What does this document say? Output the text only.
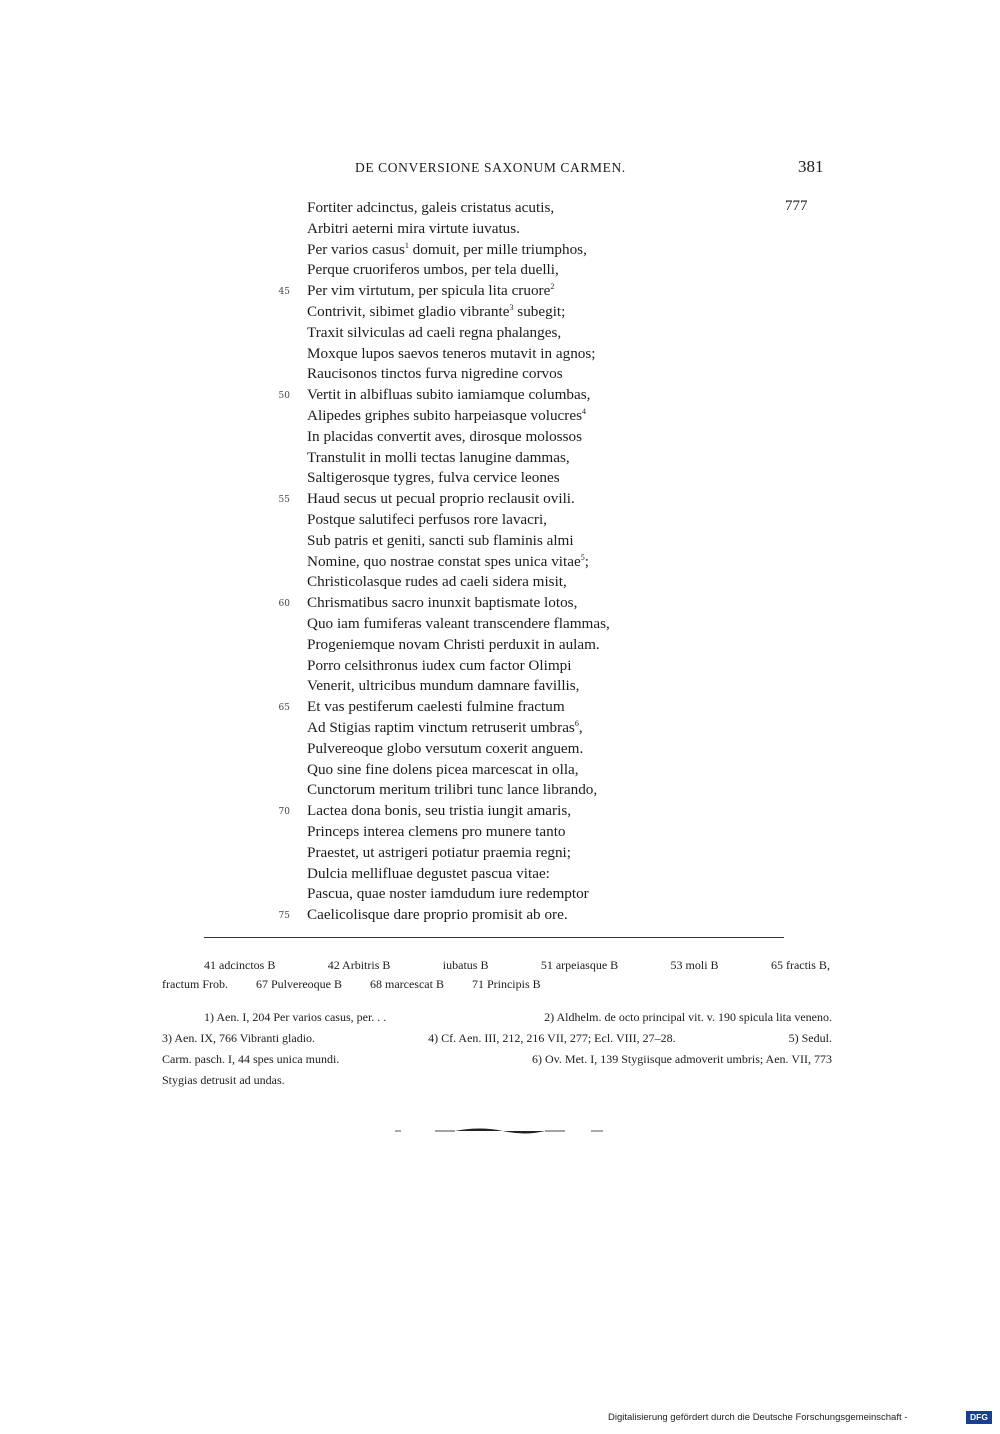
DE CONVERSIONE SAXONUM CARMEN.	381
777
Fortiter adcinctus, galeis cristatus acutis,
Arbitri aeterni mira virtute iuvatus.
Per varios casus$^1$ domuit, per mille triumphos,
Perque cruoriferos umbos, per tela duelli,
45 Per vim virtutum, per spicula lita cruore$^2$
Contrivit, sibimet gladio vibrante$^3$ subegit;
Traxit silviculas ad caeli regna phalanges,
Moxque lupos saevos teneros mutavit in agnos;
Raucisonos tinctos furva nigredine corvos
50 Vertit in albifluas subito iamiamque columbas,
Alipedes griphes subito harpeiasque volucres$^4$
In placidas convertit aves, dirosque molossos
Transtulit in molli tectas lanugine dammas,
Saltigerosque tygres, fulva cervice leones
55 Haud secus ut pecual proprio reclausit ovili.
Postque salutifeci perfusos rore lavacri,
Sub patris et geniti, sancti sub flaminis almi
Nomine, quo nostrae constat spes unica vitae$^5$;
Christicolasque rudes ad caeli sidera misit,
60 Chrismatibus sacro inunxit baptismate lotos,
Quo iam fumiferas valeant transcendere flammas,
Progeniemque novam Christi perduxit in aulam.
Porro celsithronus iudex cum factor Olimpi
Venerit, ultricibus mundum damnare favillis,
65 Et vas pestiferum caelesti fulmine fractum
Ad Stigias raptim vinctum retruserit umbras$^6$,
Pulvereoque globo versutum coxerit anguem.
Quo sine fine dolens picea marcescat in olla,
Cunctorum meritum trilibri tunc lance librando,
70 Lactea dona bonis, seu tristia iungit amaris,
Princeps interea clemens pro munere tanto
Praestet, ut astrigeri potiatur praemia regni;
Dulcia mellifluae degustet pascua vitae:
Pascua, quae noster iamdudum iure redemptor
75 Caelicolisque dare proprio promisit ab ore.
41 adcinctos B	42 Arbitris B	iubatus B	51 arpeiasque B	53 moli B	65 fractis B,
fractum Frob. 67 Pulvereoque B 68 marcescat B 71 Principis B
1) Aen. I, 204 Per varios casus, per. . .	2) Aldhelm. de octo principal vit. v. 190 spicula lita veneno.
3) Aen. IX, 766 Vibranti gladio.	4) Cf. Aen. III, 212, 216 VII, 277; Ecl. VIII, 27–28.	5) Sedul.
Carm. pasch. I, 44 spes unica mundi.	6) Ov. Met. I, 139 Stygiisque admoverit umbris; Aen. VII, 773
Stygias detrusit ad undas.
Digitalisierung gefördert durch die Deutsche Forschungsgemeinschaft -	DFG
